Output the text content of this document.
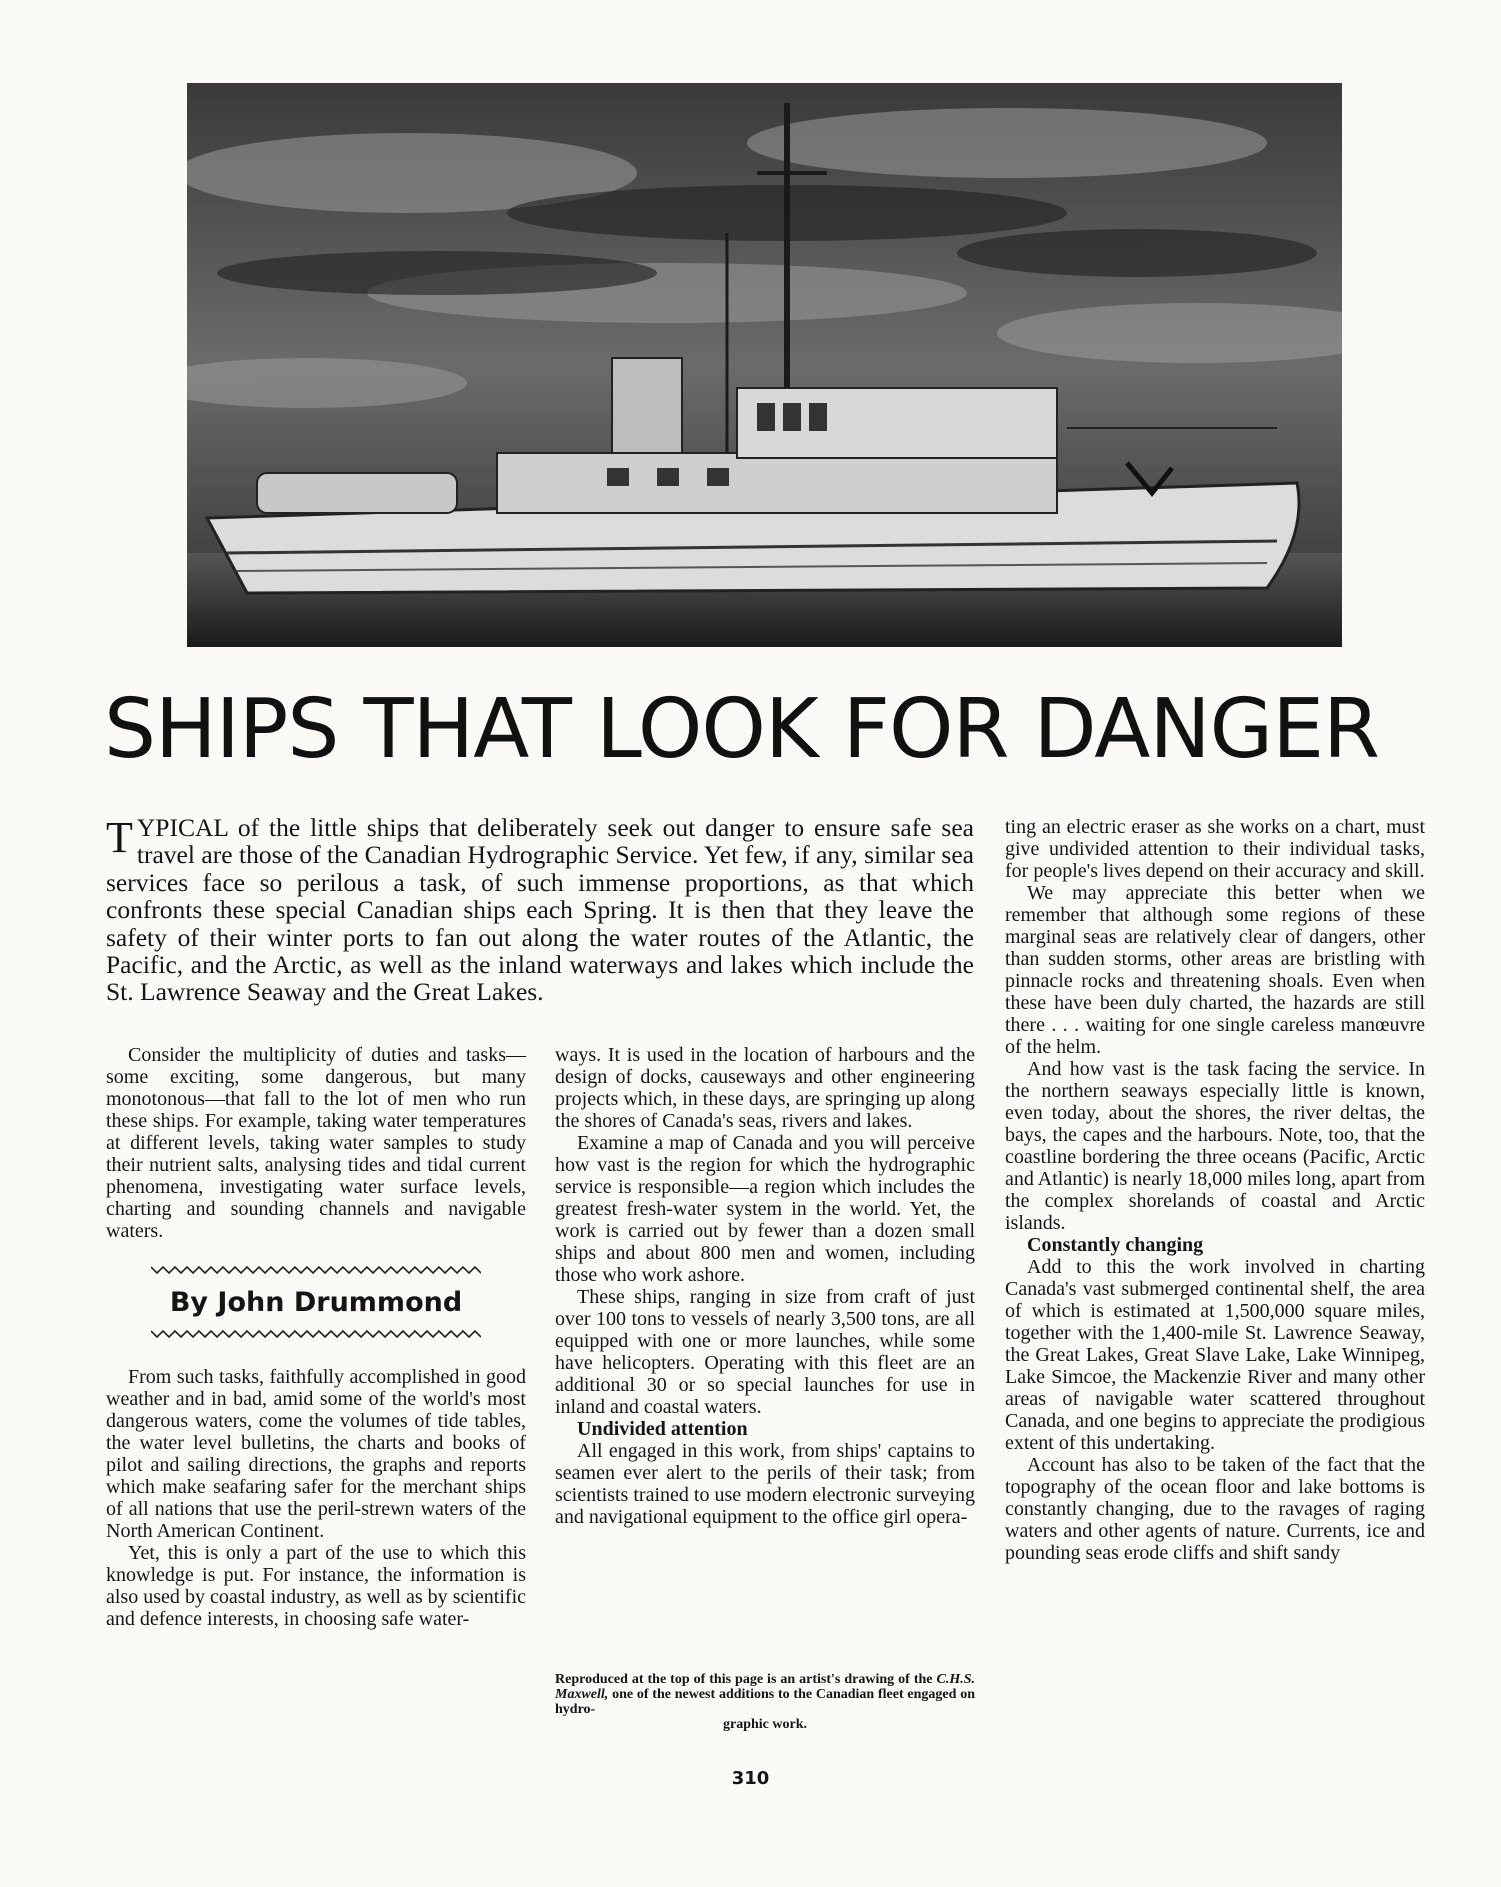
SHIPS THAT LOOK FOR DANGER

TYPICAL of the little ships that deliberately seek out danger to ensure safe sea travel are those of the Canadian Hydrographic Service. Yet few, if any, similar sea services face so perilous a task, of such immense proportions, as that which confronts these special Canadian ships each Spring. It is then that they leave the safety of their winter ports to fan out along the water routes of the Atlantic, the Pacific, and the Arctic, as well as the inland waterways and lakes which include the St. Lawrence Seaway and the Great Lakes.

Consider the multiplicity of duties and tasks—some exciting, some dangerous, but many monotonous—that fall to the lot of men who run these ships. For example, taking water temperatures at different levels, taking water samples to study their nutrient salts, analysing tides and tidal current phenomena, investigating water surface levels, charting and sounding channels and navigable waters.

By John Drummond

From such tasks, faithfully accomplished in good weather and in bad, amid some of the world's most dangerous waters, come the volumes of tide tables, the water level bulletins, the charts and books of pilot and sailing directions, the graphs and reports which make seafaring safer for the merchant ships of all nations that use the peril-strewn waters of the North American Continent.

Yet, this is only a part of the use to which this knowledge is put. For instance, the information is also used by coastal industry, as well as by scientific and defence interests, in choosing safe water-

ways. It is used in the location of harbours and the design of docks, causeways and other engineering projects which, in these days, are springing up along the shores of Canada's seas, rivers and lakes.

Examine a map of Canada and you will perceive how vast is the region for which the hydrographic service is responsible—a region which includes the greatest fresh-water system in the world. Yet, the work is carried out by fewer than a dozen small ships and about 800 men and women, including those who work ashore.

These ships, ranging in size from craft of just over 100 tons to vessels of nearly 3,500 tons, are all equipped with one or more launches, while some have helicopters. Operating with this fleet are an additional 30 or so special launches for use in inland and coastal waters.

Undivided attention

All engaged in this work, from ships' captains to seamen ever alert to the perils of their task; from scientists trained to use modern electronic surveying and navigational equipment to the office girl opera-

Reproduced at the top of this page is an artist's drawing of the C.H.S. Maxwell, one of the newest additions to the Canadian fleet engaged on hydro-
graphic work.

ting an electric eraser as she works on a chart, must give undivided attention to their individual tasks, for people's lives depend on their accuracy and skill.

We may appreciate this better when we remember that although some regions of these marginal seas are relatively clear of dangers, other than sudden storms, other areas are bristling with pinnacle rocks and threatening shoals. Even when these have been duly charted, the hazards are still there . . . waiting for one single careless manœuvre of the helm.

And how vast is the task facing the service. In the northern seaways especially little is known, even today, about the shores, the river deltas, the bays, the capes and the harbours. Note, too, that the coastline bordering the three oceans (Pacific, Arctic and Atlantic) is nearly 18,000 miles long, apart from the complex shorelands of coastal and Arctic islands.

Constantly changing

Add to this the work involved in charting Canada's vast submerged continental shelf, the area of which is estimated at 1,500,000 square miles, together with the 1,400-mile St. Lawrence Seaway, the Great Lakes, Great Slave Lake, Lake Winnipeg, Lake Simcoe, the Mackenzie River and many other areas of navigable water scattered throughout Canada, and one begins to appreciate the prodigious extent of this undertaking.

Account has also to be taken of the fact that the topography of the ocean floor and lake bottoms is constantly changing, due to the ravages of raging waters and other agents of nature. Currents, ice and pounding seas erode cliffs and shift sandy

310
